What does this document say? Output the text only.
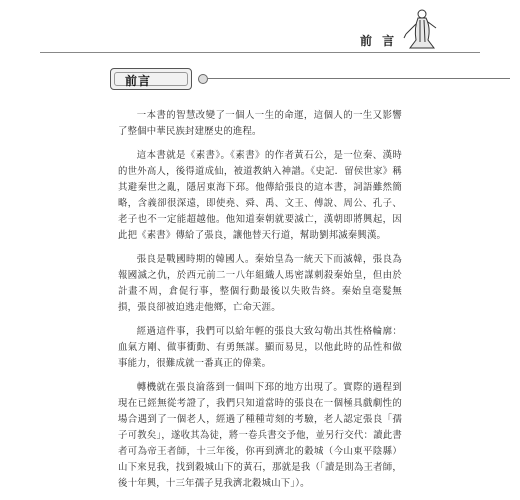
前 言
前言

一本書的智慧改變了一個人一生的命運，這個人的一生又影響了整個中華民族封建歷史的進程。

這本書就是《素書》。《素書》的作者黃石公，是一位秦、漢時的世外高人，後得道成仙，被道教納入神譜。《史記．留侯世家》稱其避秦世之亂，隱居東海下邳。他傳給張良的這本書，詞語雖然簡略，含義卻很深遠，即使堯、舜、禹、文王、傅說、周公、孔子、老子也不一定能超越他。他知道秦朝就要滅亡，漢朝即將興起，因此把《素書》傳給了張良，讓他替天行道，幫助劉邦滅秦興漢。

張良是戰國時期的韓國人。秦始皇為一統天下而滅韓，張良為報國滅之仇，於西元前二一八年組織人馬密謀刺殺秦始皇，但由於計畫不周，倉促行事，整個行動最後以失敗告終。秦始皇毫髮無損，張良卻被迫逃走他鄉，亡命天涯。

經過這件事，我們可以給年輕的張良大致勾勒出其性格輪廓：血氣方剛、做事衝動、有勇無謀。顯而易見，以他此時的品性和做事能力，很難成就一番真正的偉業。

轉機就在張良淪落到一個叫下邳的地方出現了。實際的過程到現在已經無從考證了，我們只知道當時的張良在一個極具戲劇性的場合遇到了一個老人，經過了種種苛刻的考驗，老人認定張良「孺子可教矣」，遂收其為徒，將一卷兵書交予他，並另行交代：讀此書者可為帝王者師，十三年後，你再到濟北的穀城（今山東平陰縣）山下來見我，找到穀城山下的黃石，那就是我（「讀是則為王者師，後十年興，十三年孺子見我濟北穀城山下」）。
